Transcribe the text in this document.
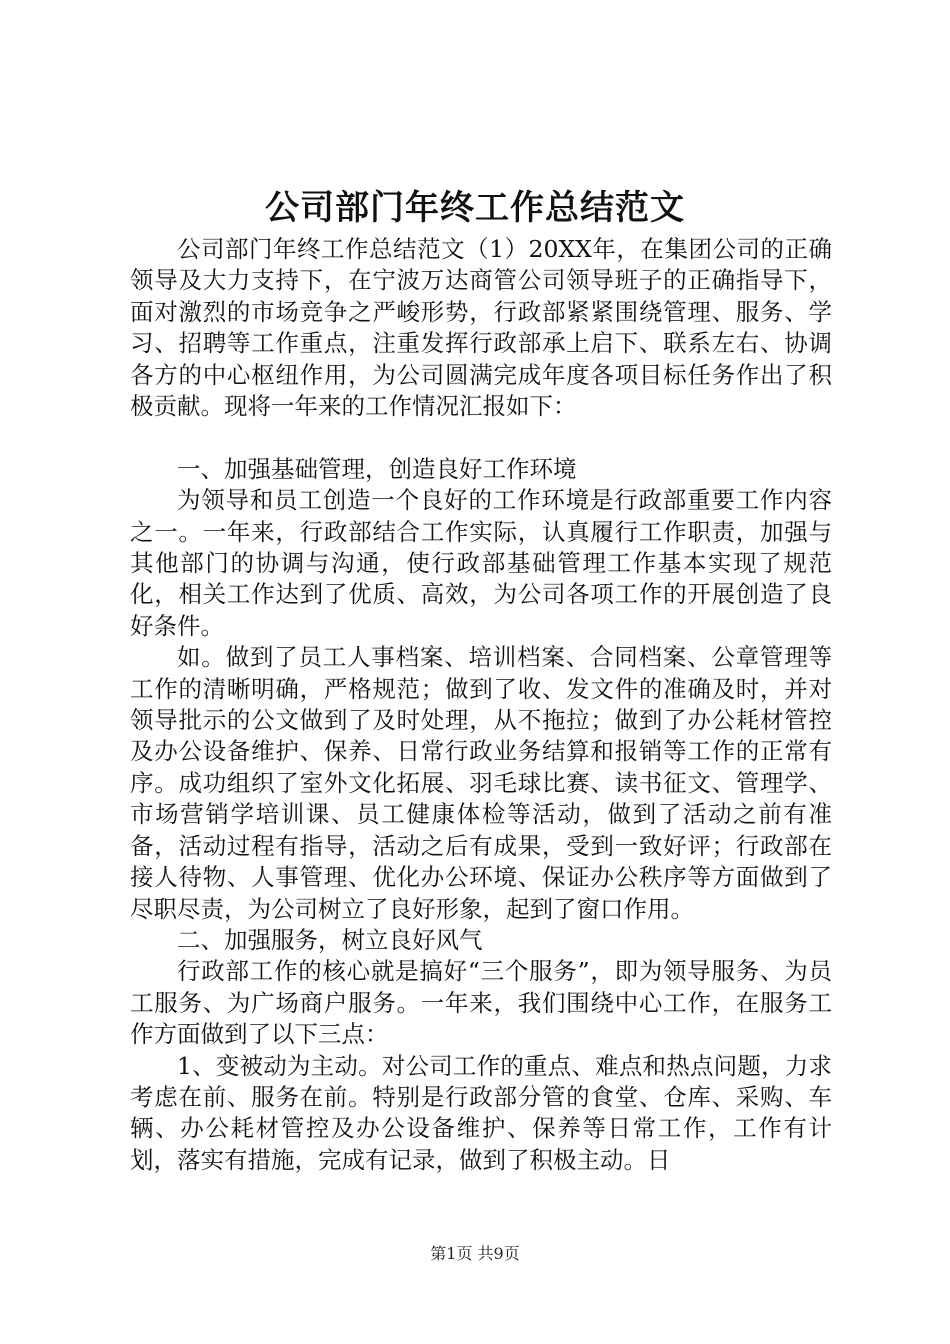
公司部门年终工作总结范文

公司部门年终工作总结范文（1）20XX年，在集团公司的正确领导及大力支持下，在宁波万达商管公司领导班子的正确指导下，面对激烈的市场竞争之严峻形势，行政部紧紧围绕管理、服务、学习、招聘等工作重点，注重发挥行政部承上启下、联系左右、协调各方的中心枢纽作用，为公司圆满完成年度各项目标任务作出了积极贡献。现将一年来的工作情况汇报如下：

一、加强基础管理，创造良好工作环境

为领导和员工创造一个良好的工作环境是行政部重要工作内容之一。一年来，行政部结合工作实际，认真履行工作职责，加强与其他部门的协调与沟通，使行政部基础管理工作基本实现了规范化，相关工作达到了优质、高效，为公司各项工作的开展创造了良好条件。

如。做到了员工人事档案、培训档案、合同档案、公章管理等工作的清晰明确，严格规范；做到了收、发文件的准确及时，并对领导批示的公文做到了及时处理，从不拖拉；做到了办公耗材管控及办公设备维护、保养、日常行政业务结算和报销等工作的正常有序。成功组织了室外文化拓展、羽毛球比赛、读书征文、管理学、市场营销学培训课、员工健康体检等活动，做到了活动之前有准备，活动过程有指导，活动之后有成果，受到一致好评；行政部在接人待物、人事管理、优化办公环境、保证办公秩序等方面做到了尽职尽责，为公司树立了良好形象，起到了窗口作用。

二、加强服务，树立良好风气

行政部工作的核心就是搞好“三个服务”，即为领导服务、为员工服务、为广场商户服务。一年来，我们围绕中心工作，在服务工作方面做到了以下三点：

1、变被动为主动。对公司工作的重点、难点和热点问题，力求考虑在前、服务在前。特别是行政部分管的食堂、仓库、采购、车辆、办公耗材管控及办公设备维护、保养等日常工作，工作有计划，落实有措施，完成有记录，做到了积极主动。日

第1页 共9页
